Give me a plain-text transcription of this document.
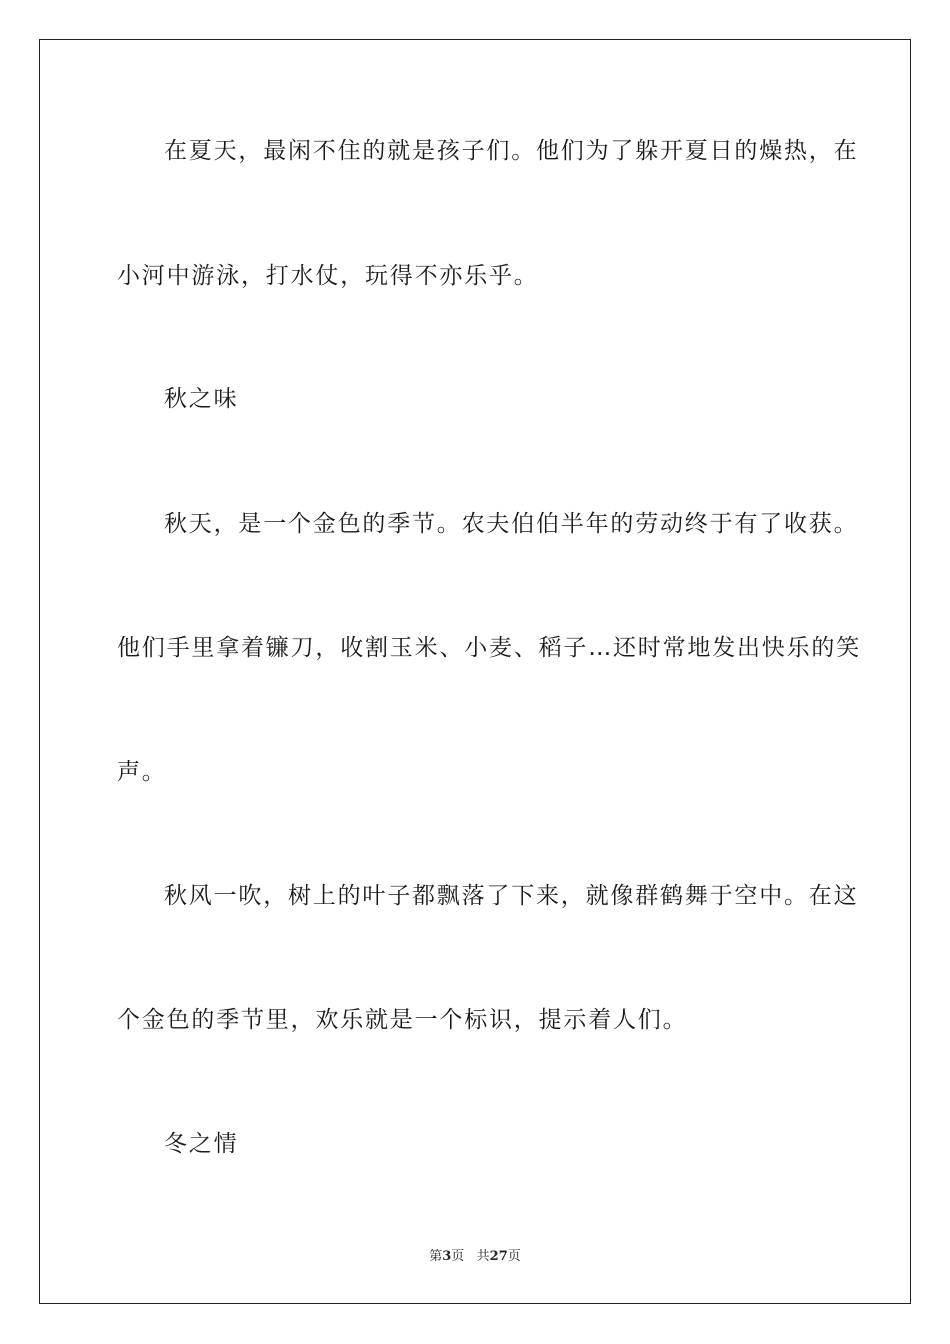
在夏天，最闲不住的就是孩子们。他们为了躲开夏日的燥热，在

小河中游泳，打水仗，玩得不亦乐乎。

秋之味

秋天，是一个金色的季节。农夫伯伯半年的劳动终于有了收获。

他们手里拿着镰刀，收割玉米、小麦、稻子…还时常地发出快乐的笑

声。

秋风一吹，树上的叶子都飘落了下来，就像群鹤舞于空中。在这

个金色的季节里，欢乐就是一个标识，提示着人们。

冬之情

第3页   共27页
